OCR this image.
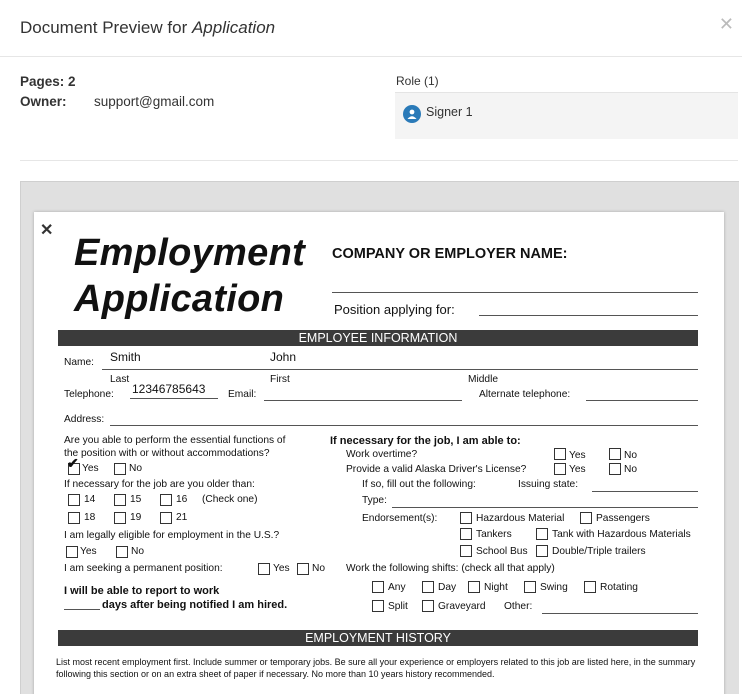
Document Preview for Application	✕
Pages: 2
Owner: support@gmail.com
Role (1)
Signer 1
✕
Employment
Application
COMPANY OR EMPLOYER NAME:
Position applying for:
EMPLOYEE INFORMATION
Name: Smith	John
Last	First	Middle
Telephone: 12346785643 Email:	Alternate telephone:
Address:
Are you able to perform the essential functions of
the position with or without accommodations?
✔ Yes	No
If necessary for the job are you older than:
14	15	16 (Check one)
18	19	21
I am legally eligible for employment in the U.S.?
Yes	No
I am seeking a permanent position:	Yes No
I will be able to report to work
days after being notified I am hired.
If necessary for the job, I am able to:
Work overtime?	Yes	No
Provide a valid Alaska Driver's License?	Yes	No
If so, fill out the following:	Issuing state:
Type:
Endorsement(s):	Hazardous Material	Passengers
Tankers	Tank with Hazardous Materials
School Bus Double/Triple trailers
Work the following shifts: (check all that apply)
Any	Day	Night	Swing	Rotating
Split	Graveyard Other:
EMPLOYMENT HISTORY
List most recent employment first. Include summer or temporary jobs. Be sure all your experience or employers related to this job are listed here, in the summary following this section or on an extra sheet of paper if necessary. No more than 10 years history recommended.
